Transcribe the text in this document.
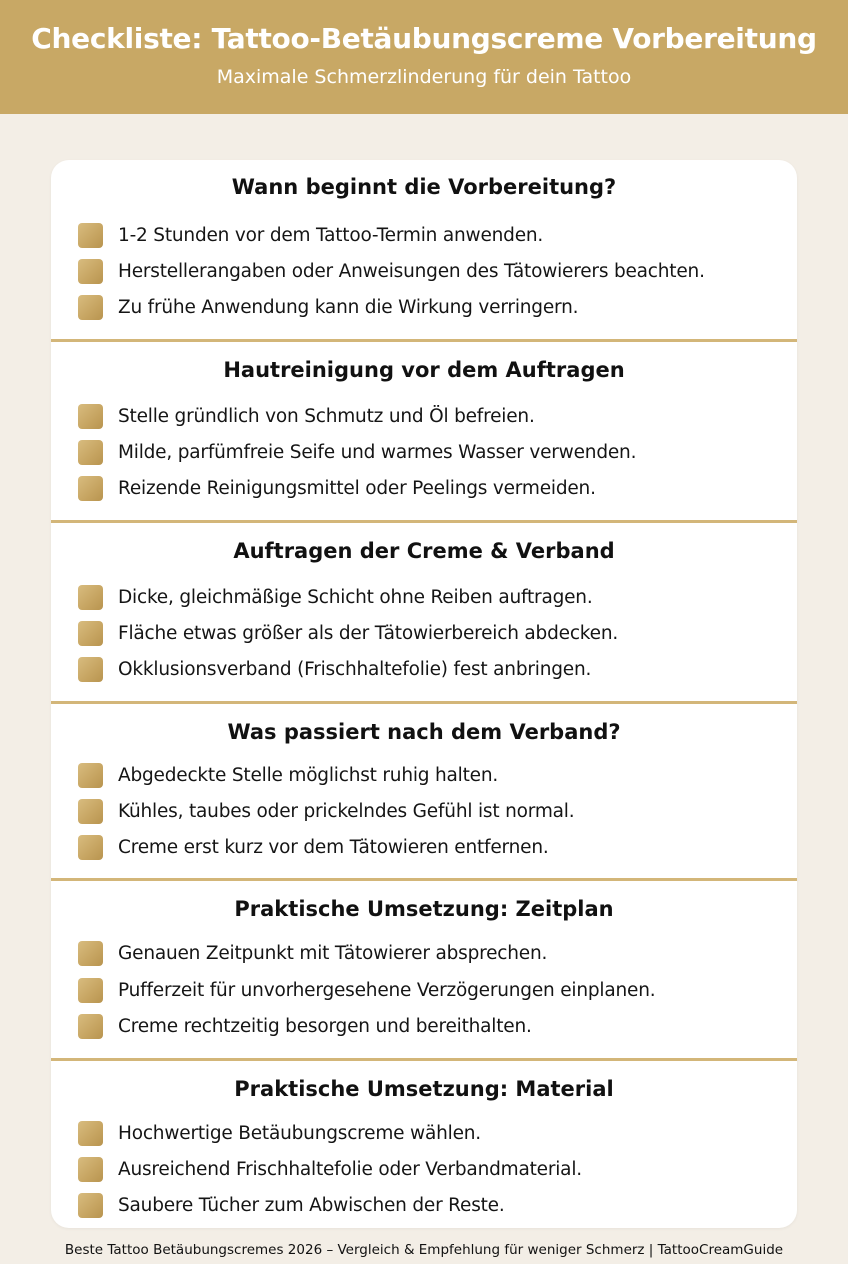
Checkliste: Tattoo-Betäubungscreme Vorbereitung
Maximale Schmerzlinderung für dein Tattoo
Wann beginnt die Vorbereitung?
1-2 Stunden vor dem Tattoo-Termin anwenden.
Herstellerangaben oder Anweisungen des Tätowierers beachten.
Zu frühe Anwendung kann die Wirkung verringern.
Hautreinigung vor dem Auftragen
Stelle gründlich von Schmutz und Öl befreien.
Milde, parfümfreie Seife und warmes Wasser verwenden.
Reizende Reinigungsmittel oder Peelings vermeiden.
Auftragen der Creme & Verband
Dicke, gleichmäßige Schicht ohne Reiben auftragen.
Fläche etwas größer als der Tätowierbereich abdecken.
Okklusionsverband (Frischhaltefolie) fest anbringen.
Was passiert nach dem Verband?
Abgedeckte Stelle möglichst ruhig halten.
Kühles, taubes oder prickelndes Gefühl ist normal.
Creme erst kurz vor dem Tätowieren entfernen.
Praktische Umsetzung: Zeitplan
Genauen Zeitpunkt mit Tätowierer absprechen.
Pufferzeit für unvorhergesehene Verzögerungen einplanen.
Creme rechtzeitig besorgen und bereithalten.
Praktische Umsetzung: Material
Hochwertige Betäubungscreme wählen.
Ausreichend Frischhaltefolie oder Verbandmaterial.
Saubere Tücher zum Abwischen der Reste.
Beste Tattoo Betäubungscremes 2026 – Vergleich & Empfehlung für weniger Schmerz | TattooCreamGuide
